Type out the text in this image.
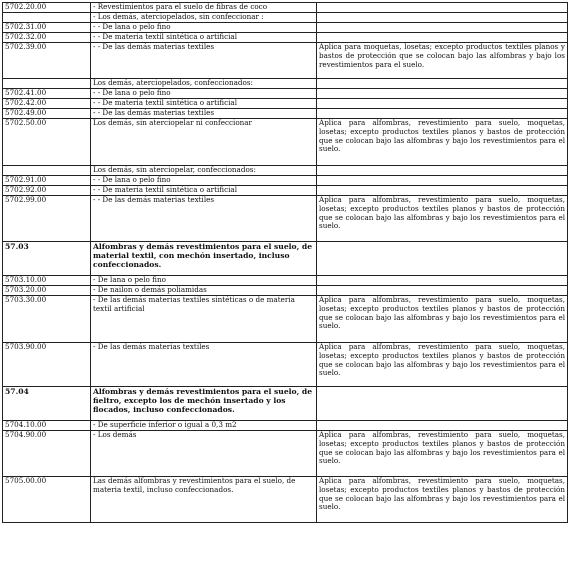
5702.20.00	- Revestimientos para el suelo de fibras de coco	
	- Los demás, aterciopelados, sin confeccionar :	
5702.31.00	- - De lana o pelo fino	
5702.32.00	- - De materia textil sintética o artificial	
5702.39.00	- - De las demás materias textiles	Aplica para moquetas, losetas; excepto productos textiles planos y bastos de protección que se colocan bajo las alfombras y bajo los revestimientos para el suelo.
	Los demás, aterciopelados, confeccionados:	
5702.41.00	- - De lana o pelo fino	
5702.42.00	- - De materia textil sintética o artificial	
5702.49.00	- - De las demás materias textiles	
5702.50.00	Los demás, sin aterciopelar ni confeccionar	Aplica para alfombras, revestimiento para suelo, moquetas, losetas; excepto productos textiles planos y bastos de protección que se colocan bajo las alfombras y bajo los revestimientos para el suelo.
	Los demás, sin aterciopelar, confeccionados:	
5702.91.00	- - De lana o pelo fino	
5702.92.00	- - De materia textil sintética o artificial	
5702.99.00	- - De las demás materias textiles	Aplica para alfombras, revestimiento para suelo, moquetas, losetas; excepto productos textiles planos y bastos de protección que se colocan bajo las alfombras y bajo los revestimientos para el suelo.
57.03	Alfombras y demás revestimientos para el suelo, de material textil, con mechón insertado, incluso confeccionados.	
5703.10.00	- De lana o pelo fino	
5703.20.00	- De nailon o demás poliamidas	
5703.30.00	- De las demás materias textiles sintéticas o de materia textil artificial	Aplica para alfombras, revestimiento para suelo, moquetas, losetas; excepto productos textiles planos y bastos de protección que se colocan bajo las alfombras y bajo los revestimientos para el suelo.
5703.90.00	- De las demás materias textiles	Aplica para alfombras, revestimiento para suelo, moquetas, losetas; excepto productos textiles planos y bastos de protección que se colocan bajo las alfombras y bajo los revestimientos para el suelo.
57.04	Alfombras y demás revestimientos para el suelo, de fieltro, excepto los de mechón insertado y los flocados, incluso confeccionados.	
5704.10.00	- De superficie inferior o igual a 0,3 m2	
5704.90.00	- Los demás	Aplica para alfombras, revestimiento para suelo, moquetas, losetas; excepto productos textiles planos y bastos de protección que se colocan bajo las alfombras y bajo los revestimientos para el suelo.
5705.00.00	Las demás alfombras y revestimientos para el suelo, de materia textil, incluso confeccionados.	Aplica para alfombras, revestimiento para suelo, moquetas, losetas; excepto productos textiles planos y bastos de protección que se colocan bajo las alfombras y bajo los revestimientos para el suelo.
